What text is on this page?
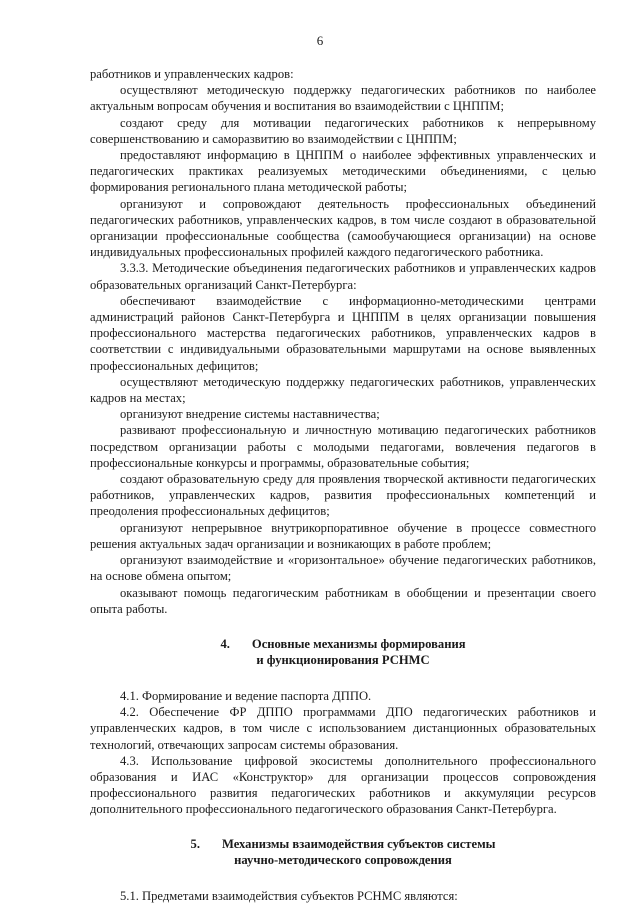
6

работников и управленческих кадров:

осуществляют методическую поддержку педагогических работников по наиболее актуальным вопросам обучения и воспитания во взаимодействии с ЦНППМ;

создают среду для мотивации педагогических работников к непрерывному совершенствованию и саморазвитию во взаимодействии с ЦНППМ;

предоставляют информацию в ЦНППМ о наиболее эффективных управленческих и педагогических практиках реализуемых методическими объединениями, с целью формирования регионального плана методической работы;

организуют и сопровождают деятельность профессиональных объединений педагогических работников, управленческих кадров, в том числе создают в образовательной организации профессиональные сообщества (самообучающиеся организации) на основе индивидуальных профессиональных профилей каждого педагогического работника.

3.3.3. Методические объединения педагогических работников и управленческих кадров образовательных организаций Санкт-Петербурга:

обеспечивают взаимодействие с информационно-методическими центрами администраций районов Санкт-Петербурга и ЦНППМ в целях организации повышения профессионального мастерства педагогических работников, управленческих кадров в соответствии с индивидуальными образовательными маршрутами на основе выявленных профессиональных дефицитов;

осуществляют методическую поддержку педагогических работников, управленческих кадров на местах;

организуют внедрение системы наставничества;

развивают профессиональную и личностную мотивацию педагогических работников посредством организации работы с молодыми педагогами, вовлечения педагогов в профессиональные конкурсы и программы, образовательные события;

создают образовательную среду для проявления творческой активности педагогических работников, управленческих кадров, развития профессиональных компетенций и преодоления профессиональных дефицитов;

организуют непрерывное внутрикорпоративное обучение в процессе совместного решения актуальных задач организации и возникающих в работе проблем;

организуют взаимодействие и «горизонтальное» обучение педагогических работников, на основе обмена опытом;

оказывают помощь педагогическим работникам в обобщении и презентации своего опыта работы.

4. Основные механизмы формирования
и функционирования РСНМС

4.1. Формирование и ведение паспорта ДППО.

4.2. Обеспечение ФР ДППО программами ДПО педагогических работников и управленческих кадров, в том числе с использованием дистанционных образовательных технологий, отвечающих запросам системы образования.

4.3. Использование цифровой экосистемы дополнительного профессионального образования и ИАС «Конструктор» для организации процессов сопровождения профессионального развития педагогических работников и аккумуляции ресурсов дополнительного профессионального педагогического образования Санкт-Петербурга.

5. Механизмы взаимодействия субъектов системы
научно-методического сопровождения

5.1. Предметами взаимодействия субъектов РСНМС являются:
